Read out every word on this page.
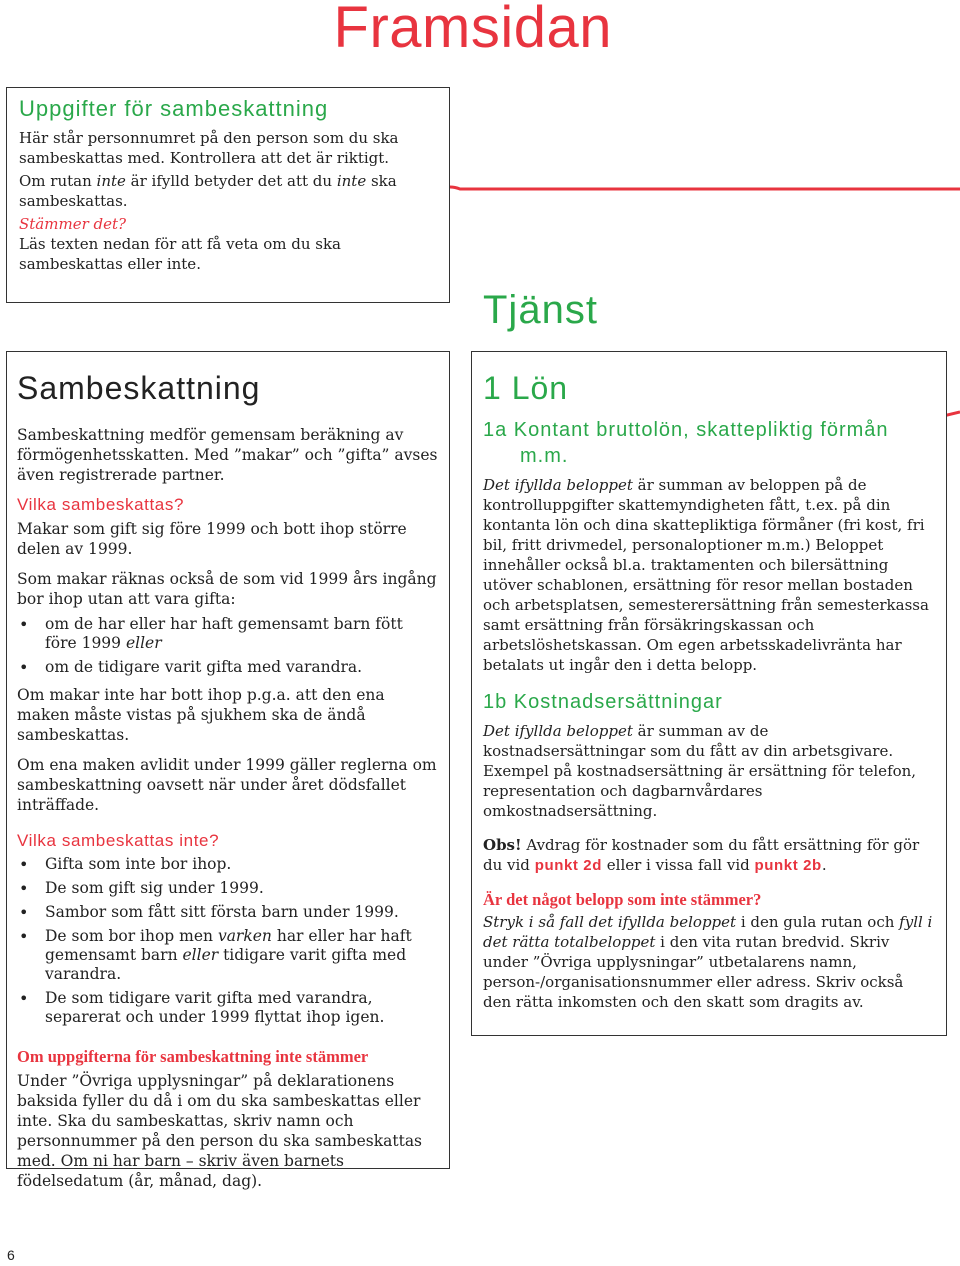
Framsidan
Uppgifter för sambeskattning

Här står personnumret på den person som du ska sambeskattas med. Kontrollera att det är riktigt.

Om rutan inte är ifylld betyder det att du inte ska sambeskattas.

Stämmer det?

Läs texten nedan för att få veta om du ska sambeskattas eller inte.

Sambeskattning

Sambeskattning medför gemensam beräkning av förmögenhetsskatten. Med ”makar” och ”gifta” avses även registrerade partner.

Vilka sambeskattas?

Makar som gift sig före 1999 och bott ihop större delen av 1999.

Som makar räknas också de som vid 1999 års ingång bor ihop utan att vara gifta:

• om de har eller har haft gemensamt barn fött före 1999 eller
• om de tidigare varit gifta med varandra.

Om makar inte har bott ihop p.g.a. att den ena maken måste vistas på sjukhem ska de ändå sambeskattas.

Om ena maken avlidit under 1999 gäller reglerna om sambeskattning oavsett när under året dödsfallet inträffade.

Vilka sambeskattas inte?
• Gifta som inte bor ihop.
• De som gift sig under 1999.
• Sambor som fått sitt första barn under 1999.
• De som bor ihop men varken har eller har haft gemensamt barn eller tidigare varit gifta med varandra.
• De som tidigare varit gifta med varandra, separerat och under 1999 flyttat ihop igen.
Om uppgifterna för sambeskattning inte stämmer

Under ”Övriga upplysningar” på deklarationens baksida fyller du då i om du ska sambeskattas eller inte. Ska du sambeskattas, skriv namn och personnummer på den person du ska sambeskattas med. Om ni har barn – skriv även barnets födelsedatum (år, månad, dag).

Tjänst
1 Lön
1a Kontant bruttolön, skattepliktig förmån m.m.

Det ifyllda beloppet är summan av beloppen på de kontrolluppgifter skattemyndigheten fått, t.ex. på din kontanta lön och dina skattepliktiga förmåner (fri kost, fri bil, fritt drivmedel, personaloptioner m.m.) Beloppet innehåller också bl.a. traktamenten och bilersättning utöver schablonen, ersättning för resor mellan bostaden och arbetsplatsen, semesterersättning från semesterkassa samt ersättning från försäkringskassan och arbetslöshetskassan. Om egen arbetsskadelivränta har betalats ut ingår den i detta belopp.

1b Kostnadsersättningar

Det ifyllda beloppet är summan av de kostnadsersättningar som du fått av din arbetsgivare. Exempel på kostnadsersättning är ersättning för telefon, representation och dagbarnvårdares omkostnadsersättning.

Obs! Avdrag för kostnader som du fått ersättning för gör du vid punkt 2d eller i vissa fall vid punkt 2b.

Är det något belopp som inte stämmer?

Stryk i så fall det ifyllda beloppet i den gula rutan och fyll i det rätta totalbeloppet i den vita rutan bredvid. Skriv under ”Övriga upplysningar” utbetalarens namn, person-/organisationsnummer eller adress. Skriv också den rätta inkomsten och den skatt som dragits av.

6
